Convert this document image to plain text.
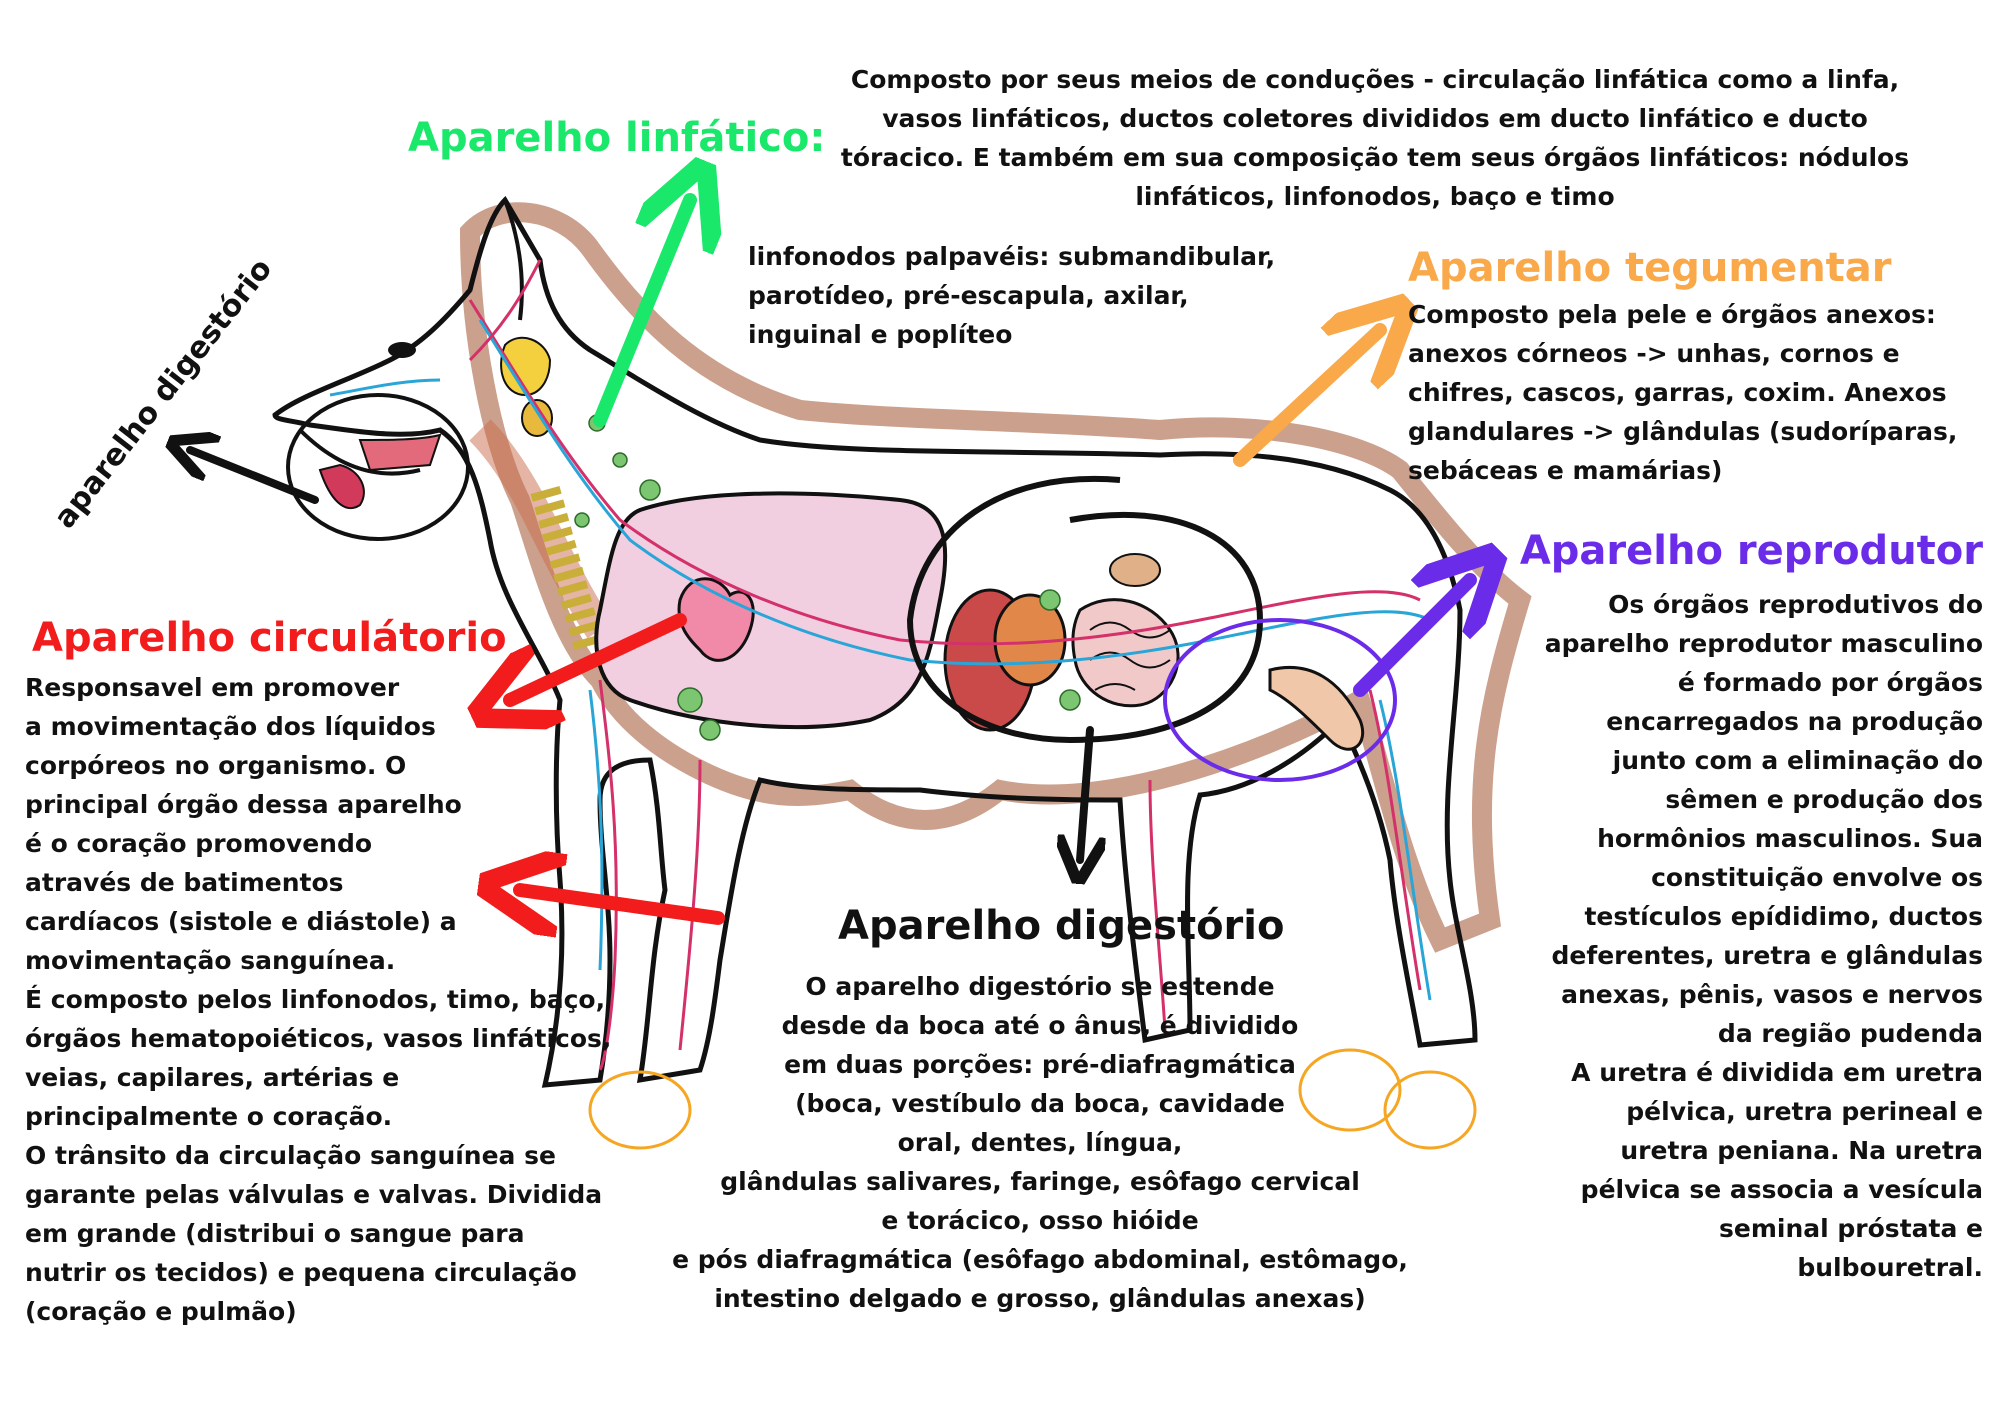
aparelho digestório
Aparelho linfático:
Composto por seus meios de conduções - circulação linfática como a linfa,
vasos linfáticos, ductos coletores divididos em ducto linfático e ducto
tóracico. E também em sua composição tem seus órgãos linfáticos: nódulos
linfáticos, linfonodos, baço e timo
linfonodos palpavéis: submandibular,
parotídeo, pré-escapula, axilar,
inguinal e poplíteo
Aparelho tegumentar
Composto pela pele e órgãos anexos:
anexos córneos -> unhas, cornos e
chifres, cascos, garras, coxim. Anexos
glandulares -> glândulas (sudoríparas,
sebáceas e mamárias)
Aparelho reprodutor
Os órgãos reprodutivos do
aparelho reprodutor masculino
é formado por órgãos
encarregados na produção
junto com a eliminação do
sêmen e produção dos
hormônios masculinos. Sua
constituição envolve os
testículos epídidimo, ductos
deferentes, uretra e glândulas
anexas, pênis, vasos e nervos
da região pudenda
A uretra é dividida em uretra
pélvica, uretra perineal e
uretra peniana. Na uretra
pélvica se associa a vesícula
seminal próstata e
bulbouretral.
Aparelho circulátorio
Responsavel em promover
a movimentação dos líquidos
corpóreos no organismo. O
principal órgão dessa aparelho
é o coração promovendo
através de batimentos
cardíacos (sistole e diástole) a
movimentação sanguínea.
É composto pelos linfonodos, timo, baço,
órgãos hematopoiéticos, vasos linfáticos,
veias, capilares, artérias e
principalmente o coração.
O trânsito da circulação sanguínea se
garante pelas válvulas e valvas. Dividida
em grande (distribui o sangue para
nutrir os tecidos) e pequena circulação
(coração e pulmão)
Aparelho digestório
O aparelho digestório se estende
desde da boca até o ânus, é dividido
em duas porções: pré-diafragmática
(boca, vestíbulo da boca, cavidade
oral, dentes, língua,
glândulas salivares, faringe, esôfago cervical
e torácico, osso hióide
e pós diafragmática (esôfago abdominal, estômago,
intestino delgado e grosso, glândulas anexas)
